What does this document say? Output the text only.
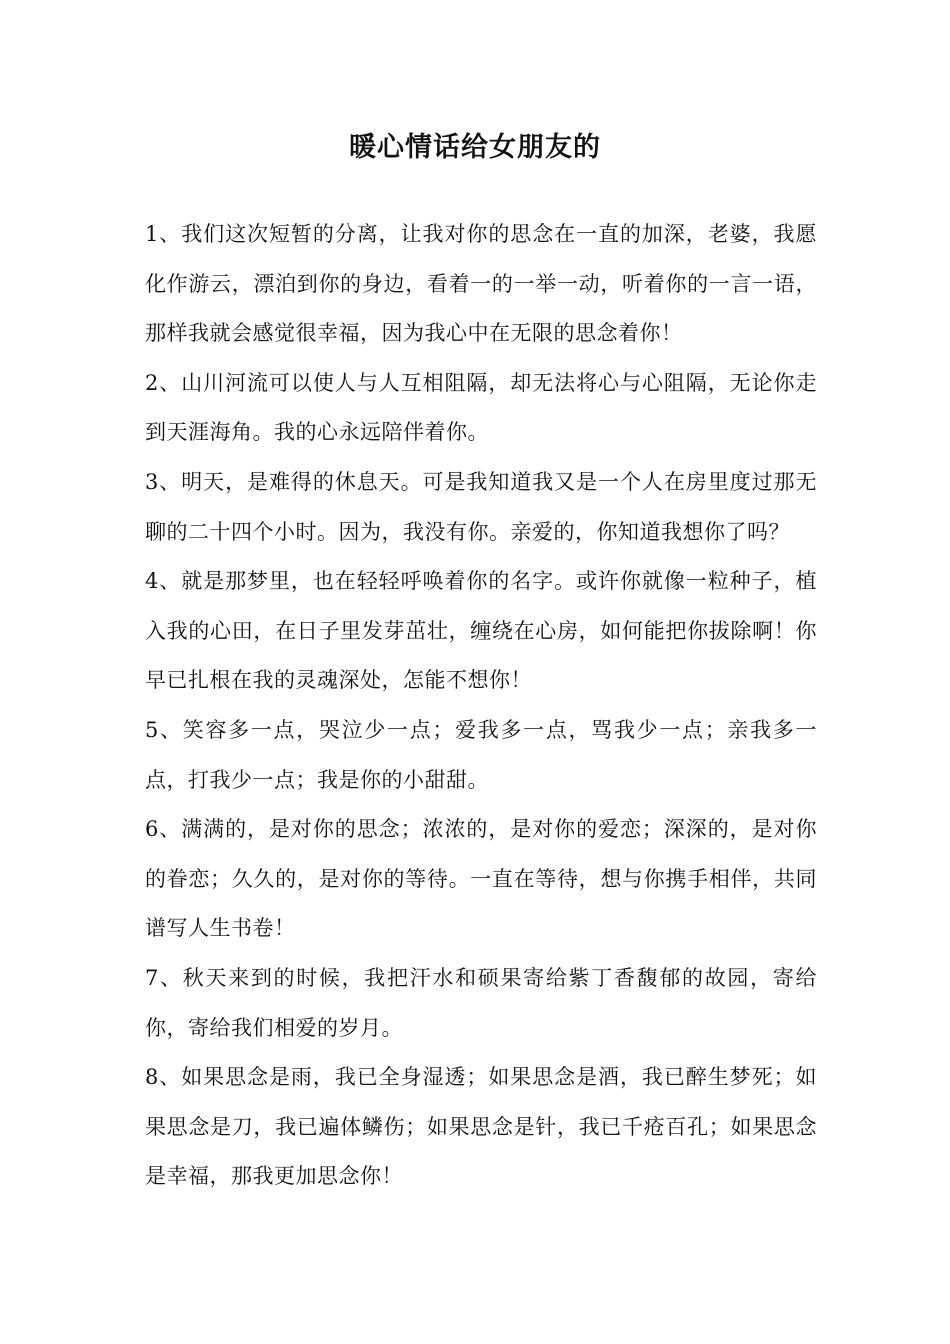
暖心情话给女朋友的

1、我们这次短暂的分离，让我对你的思念在一直的加深，老婆，我愿化作游云，漂泊到你的身边，看着一的一举一动，听着你的一言一语，那样我就会感觉很幸福，因为我心中在无限的思念着你！

2、山川河流可以使人与人互相阻隔，却无法将心与心阻隔，无论你走到天涯海角。我的心永远陪伴着你。

3、明天，是难得的休息天。可是我知道我又是一个人在房里度过那无聊的二十四个小时。因为，我没有你。亲爱的，你知道我想你了吗？

4、就是那梦里，也在轻轻呼唤着你的名字。或许你就像一粒种子，植入我的心田，在日子里发芽茁壮，缠绕在心房，如何能把你拔除啊！你早已扎根在我的灵魂深处，怎能不想你！

5、笑容多一点，哭泣少一点；爱我多一点，骂我少一点；亲我多一点，打我少一点；我是你的小甜甜。

6、满满的，是对你的思念；浓浓的，是对你的爱恋；深深的，是对你的眷恋；久久的，是对你的等待。一直在等待，想与你携手相伴，共同谱写人生书卷！

7、秋天来到的时候，我把汗水和硕果寄给紫丁香馥郁的故园，寄给你，寄给我们相爱的岁月。

8、如果思念是雨，我已全身湿透；如果思念是酒，我已醉生梦死；如果思念是刀，我已遍体鳞伤；如果思念是针，我已千疮百孔；如果思念是幸福，那我更加思念你！
